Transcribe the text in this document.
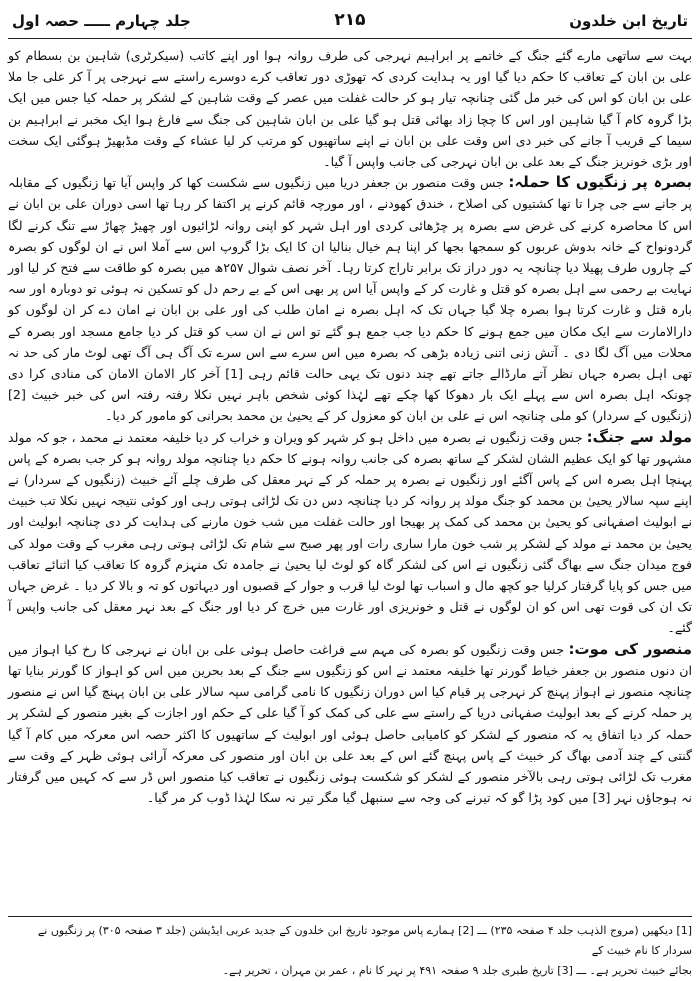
تاریخ ابن خلدون
۲۱۵
جلد چہارم ـــــ حصہ اول

بہت سے ساتھی مارے گئے جنگ کے خاتمے پر ابراہیم نہرجی کی طرف روانہ ہوا اور اپنے کاتب (سیکرٹری) شاہین بن بسطام کو علی بن ابان کے تعاقب کا حکم دیا گیا اور یہ ہدایت کردی کہ تھوڑی دور تعاقب کرے دوسرے راستے سے نہرجی پر آ کر علی جا ملا علی بن ابان کو اس کی خبر مل گئی چنانچہ تیار ہو کر حالت غفلت میں عصر کے وقت شاہین کے لشکر پر حملہ کیا جس میں ایک بڑا گروہ کام آ گیا شاہین اور اس کا چچا زاد بھائی قتل ہو گیا علی بن ابان شاہین کی جنگ سے فارغ ہوا ایک مخبر نے ابراہیم بن سیما کے قریب آ جانے کی خبر دی اس وقت علی بن ابان نے اپنے ساتھیوں کو مرتب کر لیا عشاء کے وقت مڈبھیڑ ہوگئی ایک سخت اور بڑی خونریز جنگ کے بعد علی بن ابان نہرجی کی جانب واپس آ گیا۔

بصرہ پر زنگیوں کا حملہ: جس وقت منصور بن جعفر دریا میں زنگیوں سے شکست کھا کر واپس آیا تھا زنگیوں کے مقابلہ پر جانے سے جی چرا تا تھا کشتیوں کی اصلاح ، خندق کھودنے ، اور مورچہ قائم کرنے پر اکتفا کر رہا تھا اسی دوران علی بن ابان نے اس کا محاصرہ کرنے کی غرض سے بصرہ پر چڑھائی کردی اور اہل شہر کو اپنی روانہ لڑائیوں اور چھیڑ چھاڑ سے تنگ کرنے لگا گردونواح کے خانہ بدوش عربوں کو سمجھا بجھا کر اپنا ہم خیال بنالیا ان کا ایک بڑا گروپ اس سے آملا اس نے ان لوگوں کو بصرہ کے چاروں طرف پھیلا دیا چنانچہ یہ دور دراز تک برابر تاراج کرتا رہا۔ آخر نصف شوال ۲۵۷ھ میں بصرہ کو طاقت سے فتح کر لیا اور نہایت بے رحمی سے اہل بصرہ کو قتل و غارت کر کے واپس آیا اس پر بھی اس کے بے رحم دل کو تسکین نہ ہوئی تو دوبارہ اور سہ بارہ قتل و غارت کرتا ہوا بصرہ چلا گیا جہاں تک کہ اہل بصرہ نے امان طلب کی اور علی بن ابان نے امان دے کر ان لوگوں کو دارالامارت سے ایک مکان میں جمع ہونے کا حکم دیا جب جمع ہو گئے تو اس نے ان سب کو قتل کر دیا جامع مسجد اور بصرہ کے محلات میں آگ لگا دی ۔ آتش زنی اتنی زیادہ بڑھی کہ بصرہ میں اس سرے سے اس سرے تک آگ ہی آگ تھی لوٹ مار کی حد نہ تھی اہل بصرہ جہاں نظر آتے مارڈالے جاتے تھے چند دنوں تک یہی حالت قائم رہی [1] آخر کار الامان الامان کی منادی کرا دی چونکہ اہل بصرہ اس سے پہلے ایک بار دھوکا کھا چکے تھے لہٰذا کوئی شخص باہر نہیں نکلا رفتہ رفتہ اس کی خبر خبیث [2] (زنگیوں کے سردار) کو ملی چنانچہ اس نے علی بن ابان کو معزول کر کے یحییٰ بن محمد بحرانی کو مامور کر دیا۔

مولد سے جنگ: جس وقت زنگیوں نے بصرہ میں داخل ہو کر شہر کو ویران و خراب کر دیا خلیفہ معتمد نے محمد ، جو کہ مولد مشہور تھا کو ایک عظیم الشان لشکر کے ساتھ بصرہ کی جانب روانہ ہونے کا حکم دیا چنانچہ مولد روانہ ہو کر جب بصرہ کے پاس پہنچا اہل بصرہ اس کے پاس آگئے اور زنگیوں نے بصرہ پر حملہ کر کے نہر معقل کی طرف چلے آئے خبیث (زنگیوں کے سردار) نے اپنے سپہ سالار یحییٰ بن محمد کو جنگ مولد پر روانہ کر دیا چنانچہ دس دن تک لڑائی ہوتی رہی اور کوئی نتیجہ نہیں نکلا تب خبیث نے ابولیث اصفہانی کو یحییٰ بن محمد کی کمک پر بھیجا اور حالت غفلت میں شب خون مارنے کی ہدایت کر دی چنانچہ ابولیث اور یحییٰ بن محمد نے مولد کے لشکر پر شب خون مارا ساری رات اور پھر صبح سے شام تک لڑائی ہوتی رہی مغرب کے وقت مولد کی فوج میدان جنگ سے بھاگ گئی زنگیوں نے اس کی لشکر گاہ کو لوٹ لیا یحییٰ نے جامدہ تک منہزم گروہ کا تعاقب کیا اثنائے تعاقب میں جس کو پایا گرفتار کرلیا جو کچھ مال و اسباب تھا لوٹ لیا قرب و جوار کے قصبوں اور دیہاتوں کو تہ و بالا کر دیا ۔ غرض جہاں تک ان کی قوت تھی اس کو ان لوگوں نے قتل و خونریزی اور غارت میں خرچ کر دیا اور جنگ کے بعد نہر معقل کی جانب واپس آ گئے۔

منصور کی موت: جس وقت زنگیوں کو بصرہ کی مہم سے فراغت حاصل ہوئی علی بن ابان نے نہرجی کا رخ کیا اہواز میں ان دنوں منصور بن جعفر خیاط گورنر تھا خلیفہ معتمد نے اس کو زنگیوں سے جنگ کے بعد بحرین میں اس کو اہواز کا گورنر بنایا تھا چنانچہ منصور نے اہواز پہنچ کر نہرجی پر قیام کیا اس دوران زنگیوں کا نامی گرامی سپہ سالار علی بن ابان پہنچ گیا اس نے منصور پر حملہ کرنے کے بعد ابولیث صفہانی دریا کے راستے سے علی کی کمک کو آ گیا علی کے حکم اور اجازت کے بغیر منصور کے لشکر پر حملہ کر دیا اتفاق یہ کہ منصور کے لشکر کو کامیابی حاصل ہوئی اور ابولیث کے ساتھیوں کا اکثر حصہ اس معرکہ میں کام آ گیا گنتی کے چند آدمی بھاگ کر خبیث کے پاس پہنچ گئے اس کے بعد علی بن ابان اور منصور کی معرکہ آرائی ہوئی ظہر کے وقت سے مغرب تک لڑائی ہوتی رہی بالآخر منصور کے لشکر کو شکست ہوئی زنگیوں نے تعاقب کیا منصور اس ڈر سے کہ کہیں میں گرفتار نہ ہوجاؤں نہر [3] میں کود پڑا گو کہ تیرنے کی وجہ سے سنبھل گیا مگر تیر نہ سکا لہٰذا ڈوب کر مر گیا۔

[1] دیکھیں (مروج الذہب جلد ۴ صفحہ ۲۳۵) ـــ [2] ہمارے پاس موجود تاریخ ابن خلدون کے جدید عربی ایڈیشن (جلد ۳ صفحہ ۳۰۵) پر زنگیوں نے سردار کا نام خبیث کے
بجائے خبیث تحریر ہے۔ ـــ [3] تاریخ طبری جلد ۹ صفحہ ۴۹۱ پر نہر کا نام ، عمر بن مہران ، تحریر ہے۔
